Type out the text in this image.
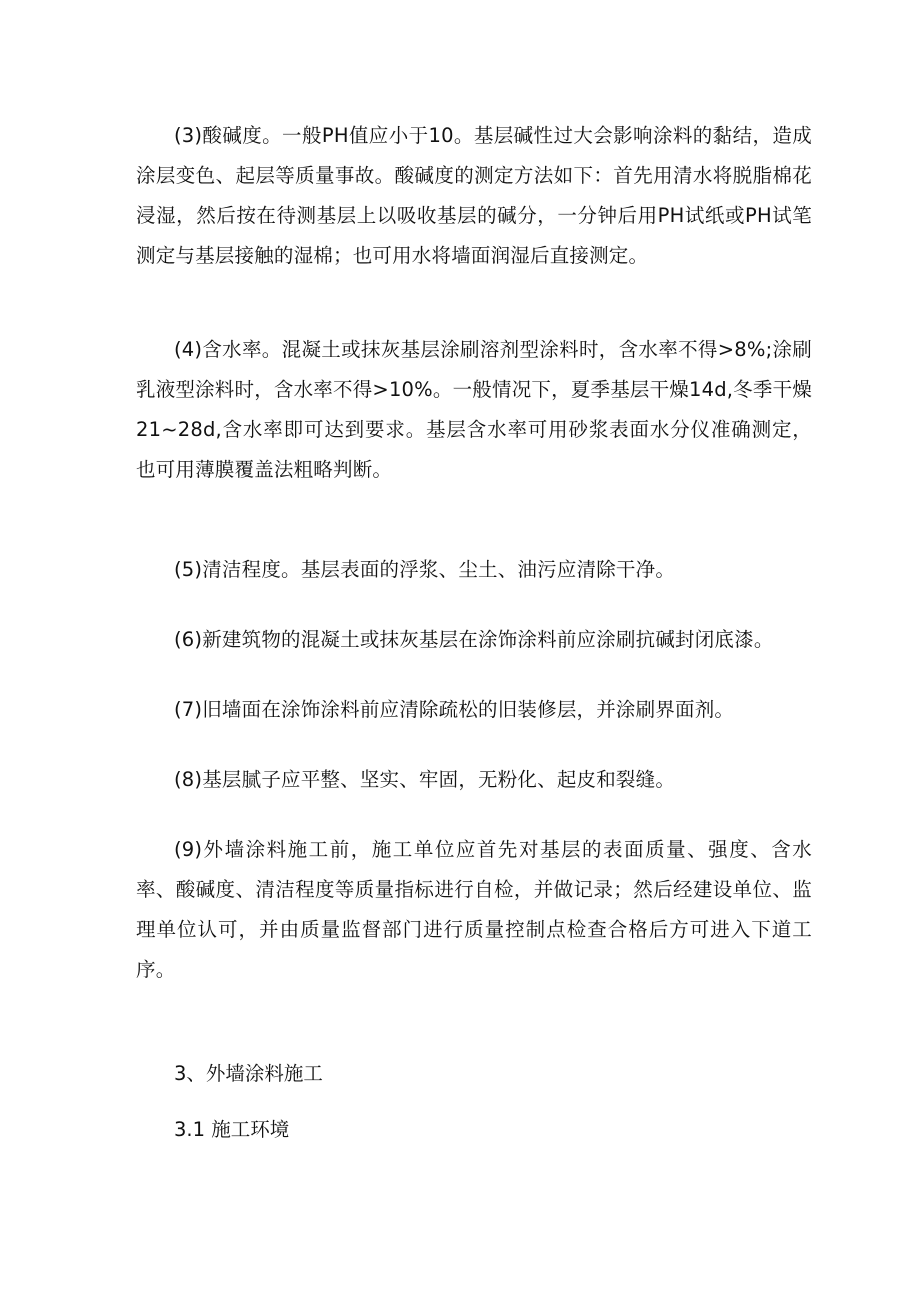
(3)酸碱度。一般PH值应小于10。基层碱性过大会影响涂料的黏结，造成涂层变色、起层等质量事故。酸碱度的测定方法如下：首先用清水将脱脂棉花浸湿，然后按在待测基层上以吸收基层的碱分，一分钟后用PH试纸或PH试笔测定与基层接触的湿棉；也可用水将墙面润湿后直接测定。

(4)含水率。混凝土或抹灰基层涂刷溶剂型涂料时，含水率不得>8%;涂刷乳液型涂料时，含水率不得>10%。一般情况下，夏季基层干燥14d,冬季干燥21~28d,含水率即可达到要求。基层含水率可用砂浆表面水分仪准确测定，也可用薄膜覆盖法粗略判断。

(5)清洁程度。基层表面的浮浆、尘土、油污应清除干净。

(6)新建筑物的混凝土或抹灰基层在涂饰涂料前应涂刷抗碱封闭底漆。

(7)旧墙面在涂饰涂料前应清除疏松的旧装修层，并涂刷界面剂。

(8)基层腻子应平整、坚实、牢固，无粉化、起皮和裂缝。

(9)外墙涂料施工前，施工单位应首先对基层的表面质量、强度、含水率、酸碱度、清洁程度等质量指标进行自检，并做记录；然后经建设单位、监理单位认可，并由质量监督部门进行质量控制点检查合格后方可进入下道工序。

3、外墙涂料施工
3.1 施工环境
